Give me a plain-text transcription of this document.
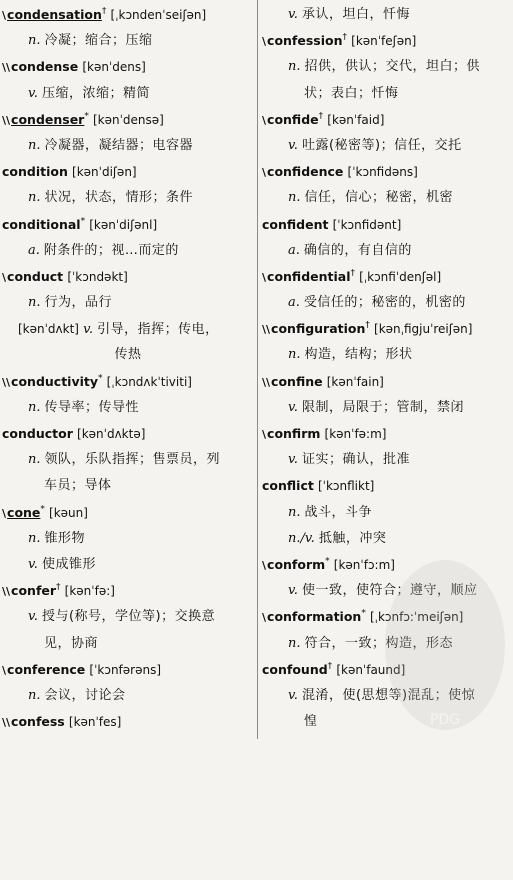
\condensation† [ˌkɔndenˈseiʃən]
n. 冷凝；缩合；压缩
\\condense [kənˈdens]
v. 压缩，浓缩；精简
\\condenser* [kənˈdensə]
n. 冷凝器，凝结器；电容器
condition [kənˈdiʃən]
n. 状况，状态，情形；条件
conditional* [kənˈdiʃənl]
a. 附条件的；视…而定的
\conduct [ˈkɔndəkt]
n. 行为，品行
[kənˈdʌkt] v. 引导，指挥；传电，
传热
\\conductivity* [ˌkɔndʌkˈtiviti]
n. 传导率；传导性
conductor [kənˈdʌktə]
n. 领队，乐队指挥；售票员，列
车员；导体
\cone* [kəun]
n. 锥形物
v. 使成锥形
\\confer† [kənˈfə:]
v. 授与(称号，学位等)；交换意
见，协商
\conference [ˈkɔnfərəns]
n. 会议，讨论会
\\confess [kənˈfes]
v. 承认，坦白，忏悔
\confession† [kənˈfeʃən]
n. 招供，供认；交代，坦白；供
状；表白；忏悔
\confide† [kənˈfaid]
v. 吐露(秘密等)；信任，交托
\confidence [ˈkɔnfidəns]
n. 信任，信心；秘密，机密
confident [ˈkɔnfidənt]
a. 确信的，有自信的
\confidential† [ˌkɔnfiˈdenʃəl]
a. 受信任的；秘密的，机密的
\\configuration† [kənˌfigjuˈreiʃən]
n. 构造，结构；形状
\\confine [kənˈfain]
v. 限制，局限于；管制，禁闭
\confirm [kənˈfə:m]
v. 证实；确认，批准
conflict [ˈkɔnflikt]
n. 战斗，斗争
n./v. 抵触，冲突
\conform* [kənˈfɔ:m]
v. 使一致，使符合；遵守，顺应
\conformation* [ˌkɔnfɔ:ˈmeiʃən]
n. 符合，一致；构造，形态
confound† [kənˈfaund]
v. 混淆，使(思想等)混乱；使惊
惶	PDG
